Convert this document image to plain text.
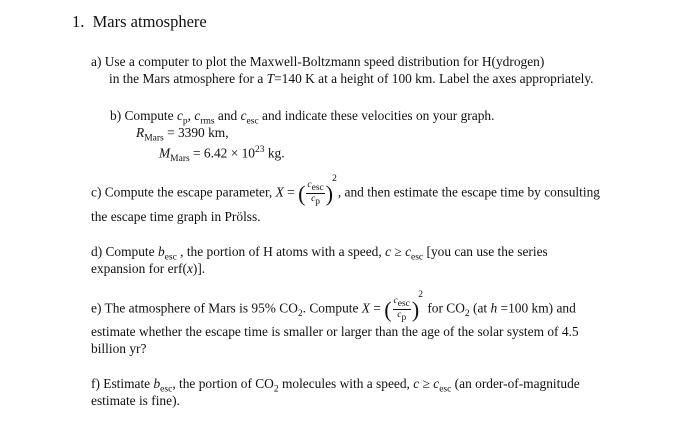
1. Mars atmosphere
a) Use a computer to plot the Maxwell-Boltzmann speed distribution for H(ydrogen)
in the Mars atmosphere for a T=140 K at a height of 100 km. Label the axes appropriately.
b) Compute $c_p$, $c_{rms}$ and $c_{esc}$ and indicate these velocities on your graph.
$R_{Mars} = 3390$ km,
$M_{Mars} = 6.42 \times 10^{23}$ kg.
c) Compute the escape parameter, X = ( $\frac{c_{esc}}{c_p} )^2$, and then estimate the escape time by consulting
the escape time graph in Prölss.
d) Compute $b_{esc}$ , the portion of H atoms with a speed, $c \ge c_{esc}$ [you can use the series
expansion for erf(x)].
e) The atmosphere of Mars is 95% $CO_2$. Compute X = ( $\frac{c_{esc}}{c_p} )^2$ for $CO_2$ (at h =100 km) and
estimate whether the escape time is smaller or larger than the age of the solar system of 4.5
billion yr?
f) Estimate $b_{esc}$, the portion of $CO_2$ molecules with a speed, $c \ge c_{esc}$ (an order-of-magnitude
estimate is fine).
